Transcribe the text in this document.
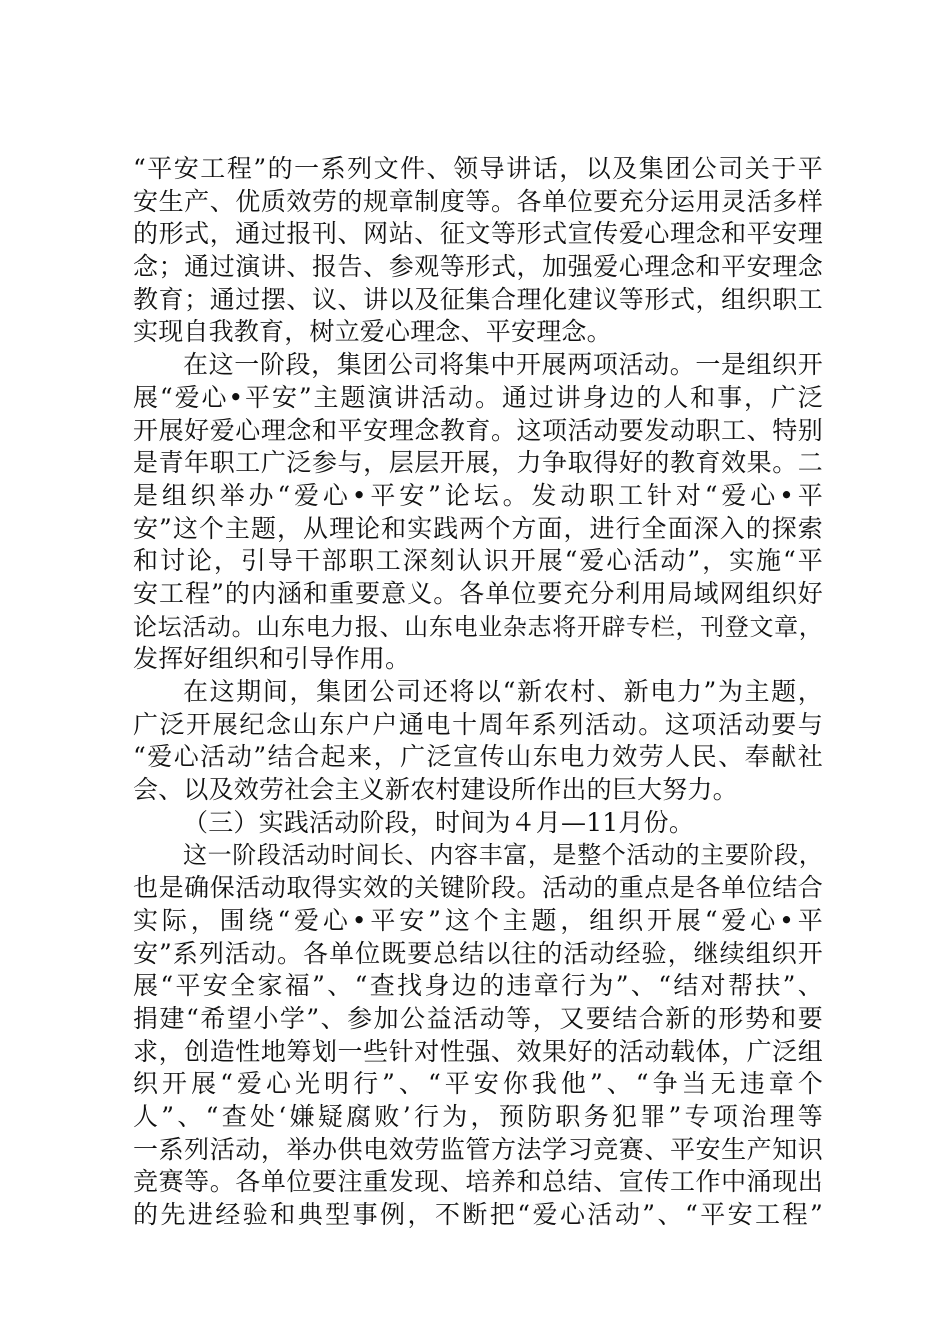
“平安工程”的一系列文件、领导讲话，以及集团公司关于平
安生产、优质效劳的规章制度等。各单位要充分运用灵活多样
的形式，通过报刊、网站、征文等形式宣传爱心理念和平安理
念；通过演讲、报告、参观等形式，加强爱心理念和平安理念
教育；通过摆、议、讲以及征集合理化建议等形式，组织职工
实现自我教育，树立爱心理念、平安理念。
在这一阶段，集团公司将集中开展两项活动。一是组织开
展“爱心•平安”主题演讲活动。通过讲身边的人和事，广泛
开展好爱心理念和平安理念教育。这项活动要发动职工、特别
是青年职工广泛参与，层层开展，力争取得好的教育效果。二
是组织举办“爱心•平安”论坛。发动职工针对“爱心•平
安”这个主题，从理论和实践两个方面，进行全面深入的探索
和讨论，引导干部职工深刻认识开展“爱心活动”，实施“平
安工程”的内涵和重要意义。各单位要充分利用局域网组织好
论坛活动。山东电力报、山东电业杂志将开辟专栏，刊登文章，
发挥好组织和引导作用。
在这期间，集团公司还将以“新农村、新电力”为主题，
广泛开展纪念山东户户通电十周年系列活动。这项活动要与
“爱心活动”结合起来，广泛宣传山东电力效劳人民、奉献社
会、以及效劳社会主义新农村建设所作出的巨大努力。
（三）实践活动阶段，时间为４月—11月份。
这一阶段活动时间长、内容丰富，是整个活动的主要阶段，
也是确保活动取得实效的关键阶段。活动的重点是各单位结合
实际，围绕“爱心•平安”这个主题，组织开展“爱心•平
安”系列活动。各单位既要总结以往的活动经验，继续组织开
展“平安全家福”、“查找身边的违章行为”、“结对帮扶”、
捐建“希望小学”、参加公益活动等，又要结合新的形势和要
求，创造性地筹划一些针对性强、效果好的活动载体，广泛组
织开展“爱心光明行”、“平安你我他”、“争当无违章个
人”、“查处‘嫌疑腐败’行为，预防职务犯罪”专项治理等
一系列活动，举办供电效劳监管方法学习竞赛、平安生产知识
竞赛等。各单位要注重发现、培养和总结、宣传工作中涌现出
的先进经验和典型事例，不断把“爱心活动”、“平安工程”
